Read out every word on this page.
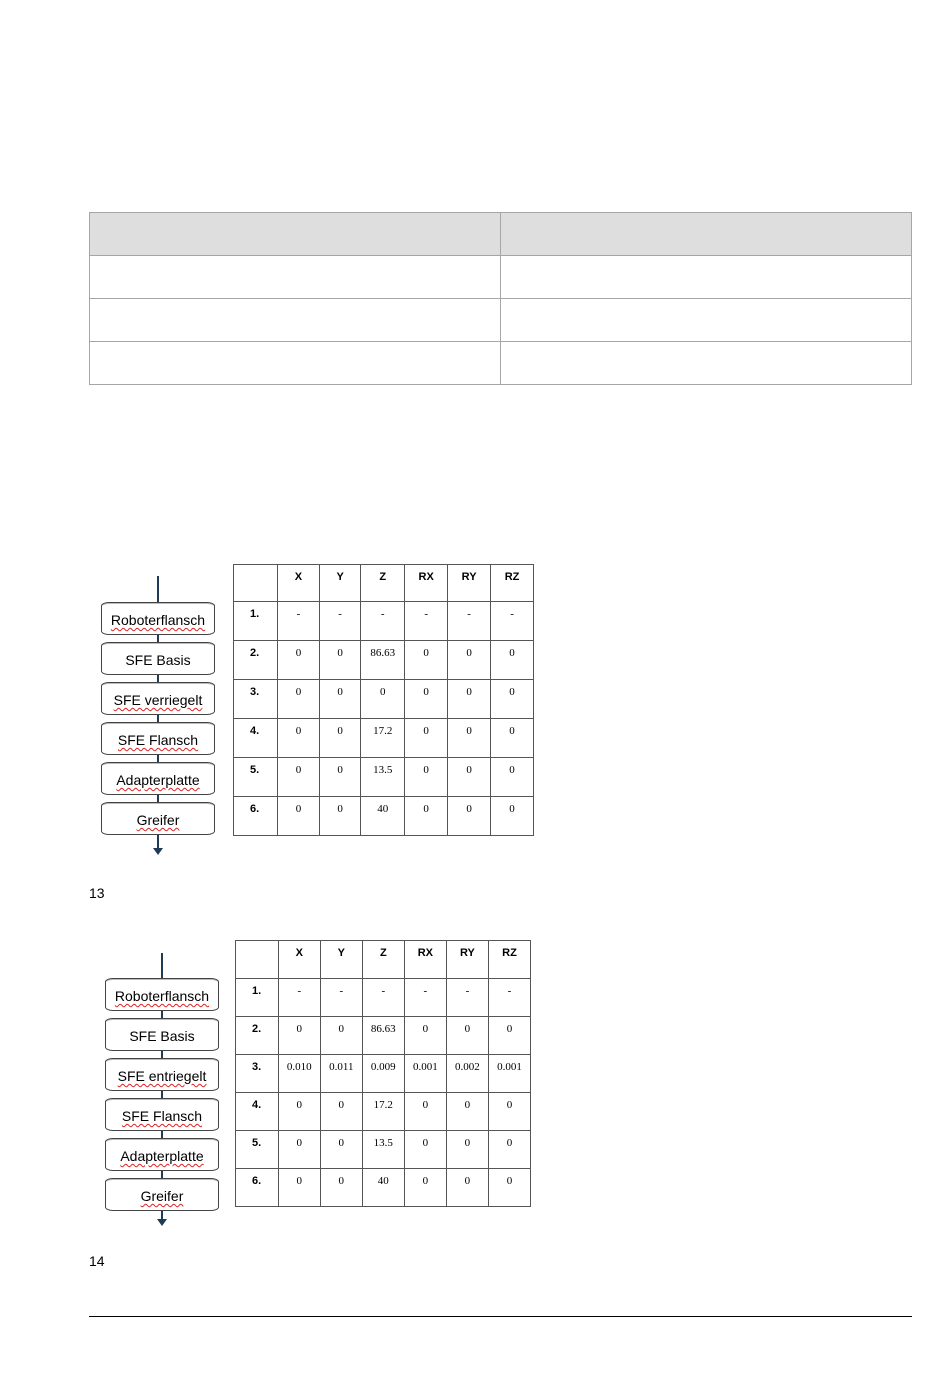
Roboterflansch
SFE Basis
SFE verriegelt
SFE Flansch
Adapterplatte
Greifer
	X	Y	Z	RX	RY	RZ
1.	-	-	-	-	-	-
2.	0	0	86.63	0	0	0
3.	0	0	0	0	0	0
4.	0	0	17.2	0	0	0
5.	0	0	13.5	0	0	0
6.	0	0	40	0	0	0
13
Roboterflansch
SFE Basis
SFE entriegelt
SFE Flansch
Adapterplatte
Greifer
	X	Y	Z	RX	RY	RZ
1.	-	-	-	-	-	-
2.	0	0	86.63	0	0	0
3.	0.010	0.011	0.009	0.001	0.002	0.001
4.	0	0	17.2	0	0	0
5.	0	0	13.5	0	0	0
6.	0	0	40	0	0	0
14
